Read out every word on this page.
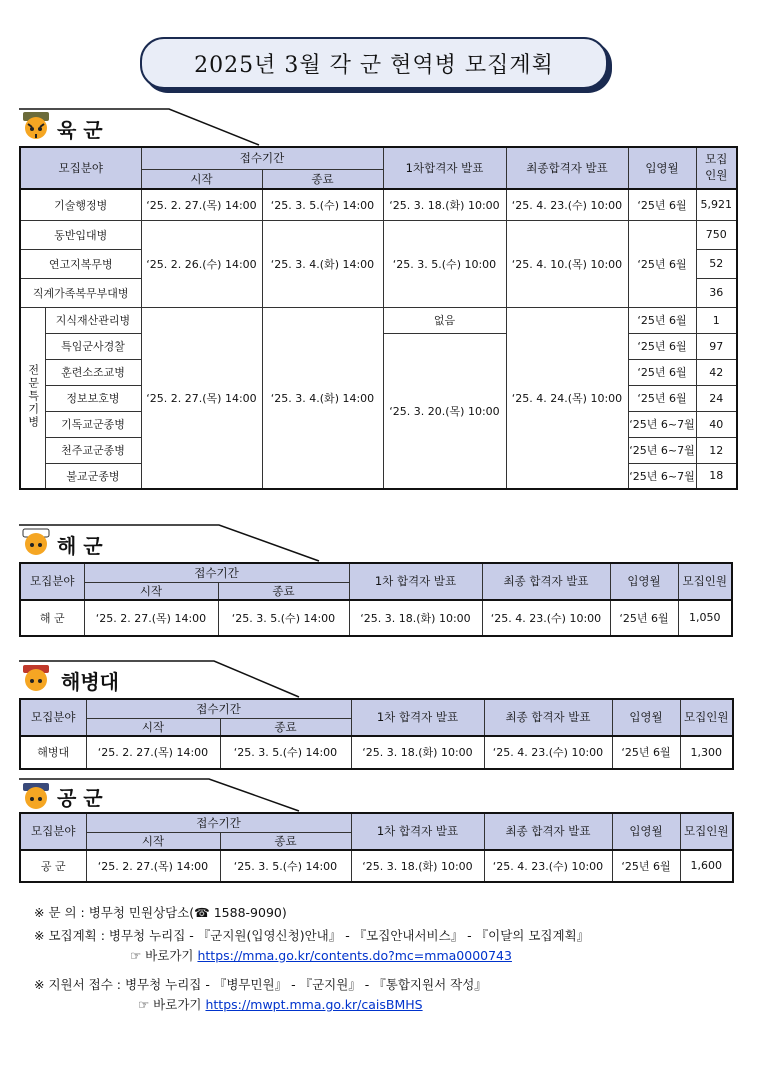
2025년 3월 각 군 현역병 모집계획
육 군
모집분야		접수기간		1차합격자 발표	최종합격자 발표	입영월	모집
인원
		시작	종료				
기술행정병		‘25. 2. 27.(목) 14:00	‘25. 3. 5.(수) 14:00	‘25. 3. 18.(화) 10:00	‘25. 4. 23.(수) 10:00	‘25년 6월	5,921
동반입대병		‘25. 2. 26.(수) 14:00	‘25. 3. 4.(화) 14:00	‘25. 3. 5.(수) 10:00	‘25. 4. 10.(목) 10:00	‘25년 6월	750
연고지복무병							52
직계가족복무부대병							36
전문특기병	지식재산관리병	‘25. 2. 27.(목) 14:00	‘25. 3. 4.(화) 14:00	없음	‘25. 4. 24.(목) 10:00	‘25년 6월	1
	특임군사경찰			‘25. 3. 20.(목) 10:00		‘25년 6월	97
	훈련소조교병					‘25년 6월	42
	정보보호병					‘25년 6월	24
	기독교군종병					‘25년 6~7월	40
	천주교군종병					‘25년 6~7월	12
	불교군종병					‘25년 6~7월	18
해 군
모집분야	접수기간		1차 합격자 발표	최종 합격자 발표	입영월	모집인원
	시작	종료				
해 군	‘25. 2. 27.(목) 14:00	‘25. 3. 5.(수) 14:00	‘25. 3. 18.(화) 10:00	‘25. 4. 23.(수) 10:00	‘25년 6월	1,050
해병대
모집분야	접수기간		1차 합격자 발표	최종 합격자 발표	입영월	모집인원
	시작	종료				
해병대	‘25. 2. 27.(목) 14:00	‘25. 3. 5.(수) 14:00	‘25. 3. 18.(화) 10:00	‘25. 4. 23.(수) 10:00	‘25년 6월	1,300
공 군
모집분야	접수기간		1차 합격자 발표	최종 합격자 발표	입영월	모집인원
	시작	종료				
공 군	‘25. 2. 27.(목) 14:00	‘25. 3. 5.(수) 14:00	‘25. 3. 18.(화) 10:00	‘25. 4. 23.(수) 10:00	‘25년 6월	1,600
※ 문 의 : 병무청 민원상담소(☎ 1588-9090)
※ 모집계획 : 병무청 누리집 - 『군지원(입영신청)안내』 - 『모집안내서비스』 - 『이달의 모집계획』
☞ 바로가기 https://mma.go.kr/contents.do?mc=mma0000743
※ 지원서 접수 : 병무청 누리집 - 『병무민원』 - 『군지원』 - 『통합지원서 작성』
☞ 바로가기 https://mwpt.mma.go.kr/caisBMHS
